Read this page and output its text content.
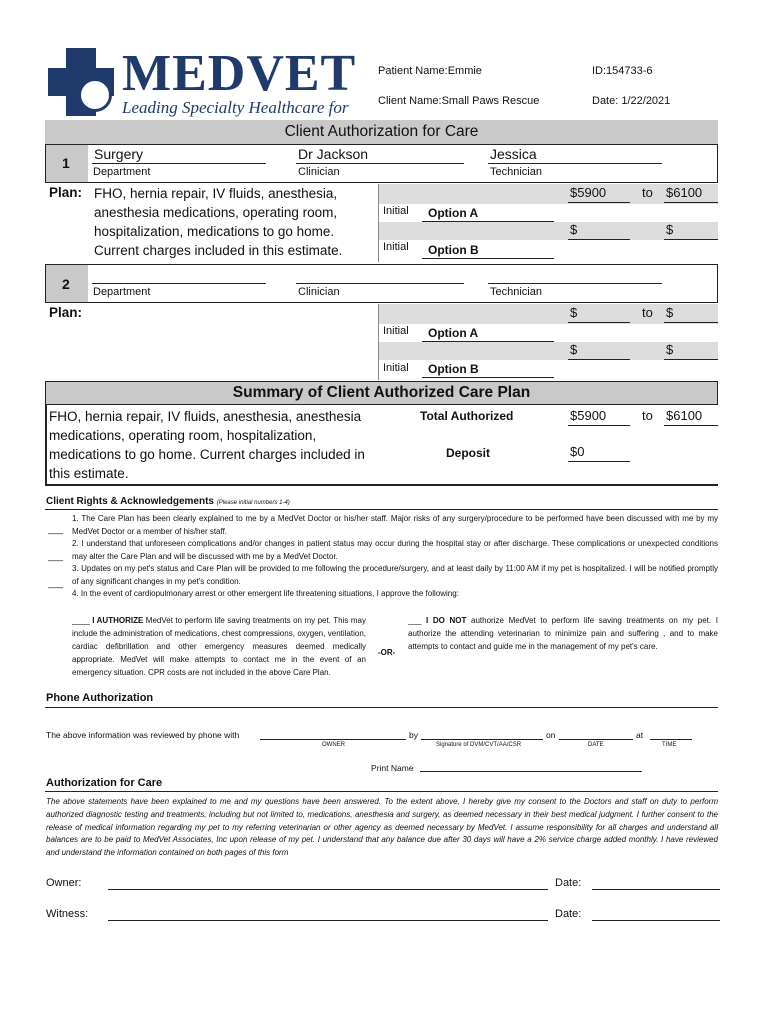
MEDVET
Leading Specialty Healthcare for
Patient Name:Emmie	ID:154733-6
Client Name:Small Paws Rescue	Date: 1/22/2021
Client Authorization for Care
1
Surgery
Department
Dr Jackson
Clinician
Jessica
Technician
Plan: FHO, hernia repair, IV fluids, anesthesia, anesthesia medications, operating room, hospitalization, medications to go home. Current charges included in this estimate.
$5900	to $6100
Initial Option A
$	$
Initial Option B
2 Department	Clinician	Technician
Plan:	$	to $
Initial Option A
$	$
Initial Option B
Summary of Client Authorized Care Plan
FHO, hernia repair, IV fluids, anesthesia, anesthesia medications, operating room, hospitalization, medications to go home. Current charges included in this estimate.
Total Authorized	$5900	to $6100
Deposit	$0
Client Rights & Acknowledgements (Please initial numbers 1-4)
___
___
___

1. The Care Plan has been clearly explained to me by a MedVet Doctor or his/her staff. Major risks of any surgery/procedure to be performed have been discussed with me by my MedVet Doctor or a member of his/her staff.

2. I understand that unforeseen complications and/or changes in patient status may occur during the hospital stay or after discharge. These complications or unexpected conditions may alter the Care Plan and will be discussed with me by a MedVet Doctor.

3. Updates on my pet's status and Care Plan will be provided to me following the procedure/surgery, and at least daily by 11:00 AM if my pet is hospitalized. I will be notified promptly of any significant changes in my pet's condition.

4. In the event of cardiopulmonary arrest or other emergent life threatening situations, I approve the following:

____ I AUTHORIZE MedVet to perform life saving treatments on my pet. This may include the administration of medications, chest compressions, oxygen, ventilation, cardiac defibrillation and other emergency measures deemed medically appropriate. MedVet will make attempts to contact me in the event of an emergency situation. CPR costs are not included in the above Care Plan.
-OR-
___ I DO NOT authorize MedVet to perform life saving treatments on my pet. I authorize the attending veterinarian to minimize pain and suffering , and to make attempts to contact and guide me in the management of my pet's care.
Phone Authorization
The above information was reviewed by phone with	by	on	at
OWNER	Signature of DVM/CVT/AA/CSR	DATE	TIME
Print Name
Authorization for Care
The above statements have been explained to me and my questions have been answered. To the extent above, I hereby give my consent to the Doctors and staff on duty to perform authorized diagnostic testing and treatments, including but not limited to, medications, anesthesia and surgery, as deemed necessary in their best medical judgment. I further consent to the release of medical information regarding my pet to my referring veterinarian or other agency as deemed necessary by MedVet. I assume responsibility for all charges and understand all balances are to be paid to MedVet Associates, Inc upon release of my pet. I understand that any balance due after 30 days will have a 2% service charge added monthly. I have reviewed and understand the information contained on both pages of this form
Owner:	Date:
Witness:	Date:
